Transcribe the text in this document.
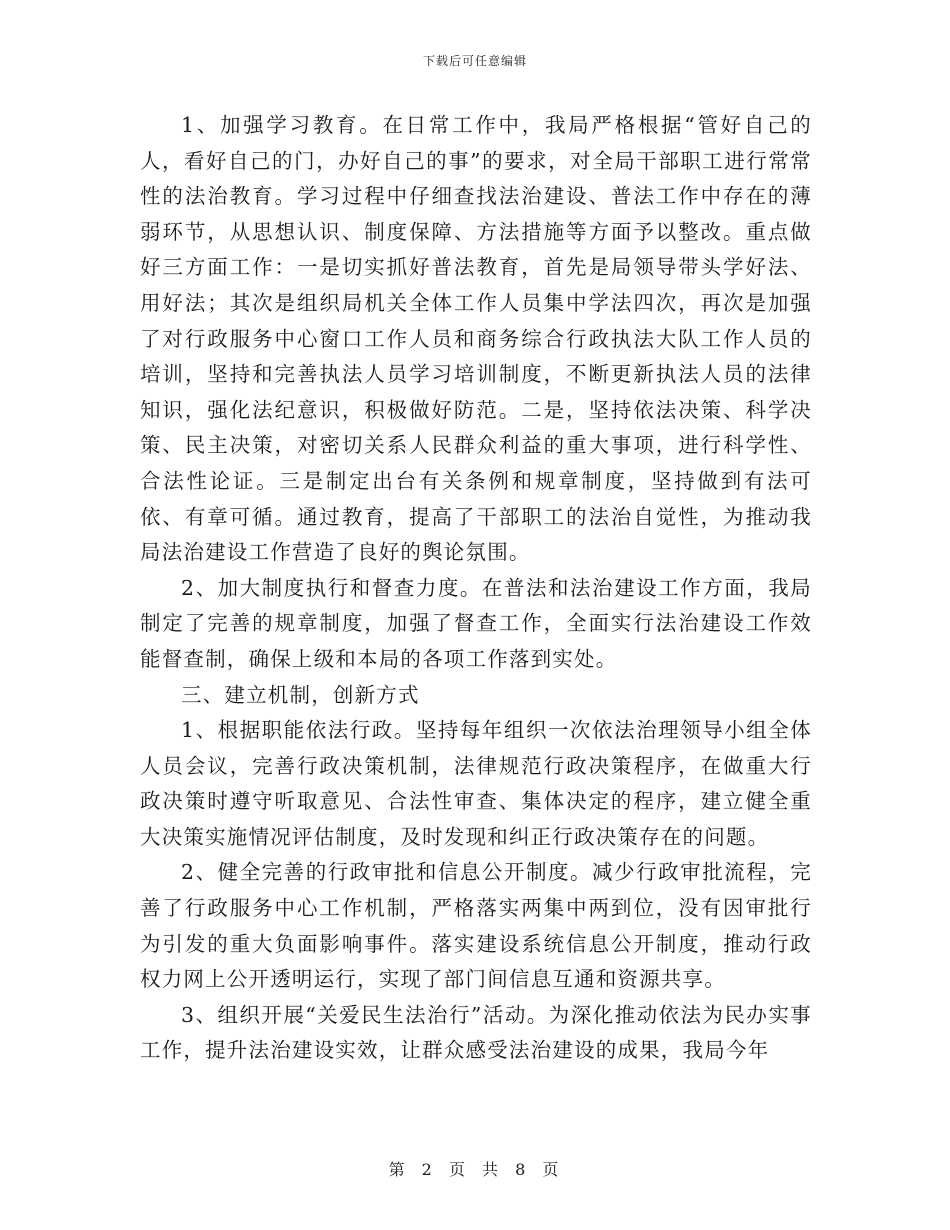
下载后可任意编辑

1、加强学习教育。在日常工作中，我局严格根据“管好自己的人，看好自己的门，办好自己的事”的要求，对全局干部职工进行常常性的法治教育。学习过程中仔细查找法治建设、普法工作中存在的薄弱环节，从思想认识、制度保障、方法措施等方面予以整改。重点做好三方面工作：一是切实抓好普法教育，首先是局领导带头学好法、用好法；其次是组织局机关全体工作人员集中学法四次，再次是加强了对行政服务中心窗口工作人员和商务综合行政执法大队工作人员的培训，坚持和完善执法人员学习培训制度，不断更新执法人员的法律知识，强化法纪意识，积极做好防范。二是，坚持依法决策、科学决策、民主决策，对密切关系人民群众利益的重大事项，进行科学性、合法性论证。三是制定出台有关条例和规章制度，坚持做到有法可依、有章可循。通过教育，提高了干部职工的法治自觉性，为推动我局法治建设工作营造了良好的舆论氛围。

2、加大制度执行和督查力度。在普法和法治建设工作方面，我局制定了完善的规章制度，加强了督查工作，全面实行法治建设工作效能督查制，确保上级和本局的各项工作落到实处。

三、建立机制，创新方式

1、根据职能依法行政。坚持每年组织一次依法治理领导小组全体人员会议，完善行政决策机制，法律规范行政决策程序，在做重大行政决策时遵守听取意见、合法性审查、集体决定的程序，建立健全重大决策实施情况评估制度，及时发现和纠正行政决策存在的问题。

2、健全完善的行政审批和信息公开制度。减少行政审批流程，完善了行政服务中心工作机制，严格落实两集中两到位，没有因审批行为引发的重大负面影响事件。落实建设系统信息公开制度，推动行政权力网上公开透明运行，实现了部门间信息互通和资源共享。

3、组织开展“关爱民生法治行”活动。为深化推动依法为民办实事工作，提升法治建设实效，让群众感受法治建设的成果，我局今年

第 2 页 共 8 页
